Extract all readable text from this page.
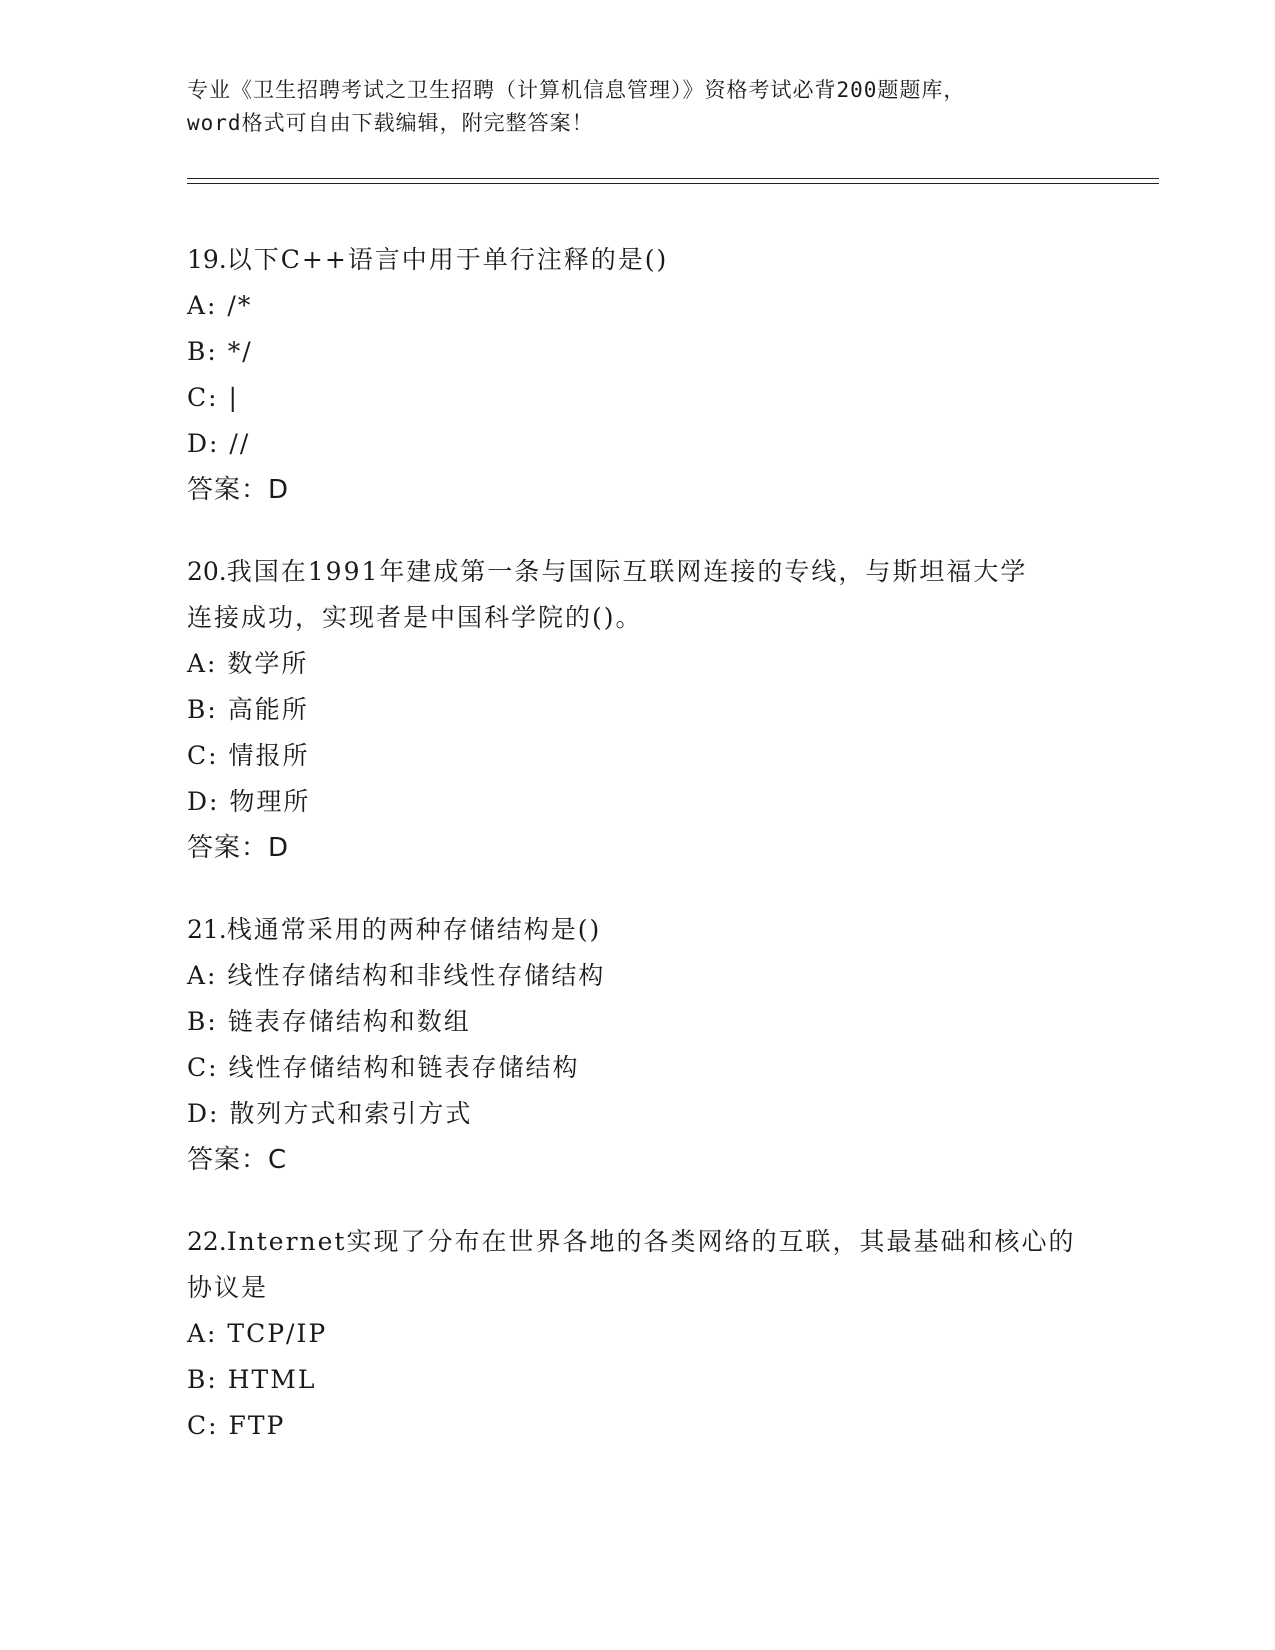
专业《卫生招聘考试之卫生招聘（计算机信息管理）》资格考试必背200题题库，
word格式可自由下载编辑，附完整答案！
19.以下C++语言中用于单行注释的是()
A: /*
B: */
C: |
D: //
答案：D
20.我国在1991年建成第一条与国际互联网连接的专线，与斯坦福大学连接成功，实现者是中国科学院的()。
A: 数学所
B: 高能所
C: 情报所
D: 物理所
答案：D
21.栈通常采用的两种存储结构是()
A: 线性存储结构和非线性存储结构
B: 链表存储结构和数组
C: 线性存储结构和链表存储结构
D: 散列方式和索引方式
答案：C
22.Internet实现了分布在世界各地的各类网络的互联，其最基础和核心的协议是
A: TCP/IP
B: HTML
C: FTP
